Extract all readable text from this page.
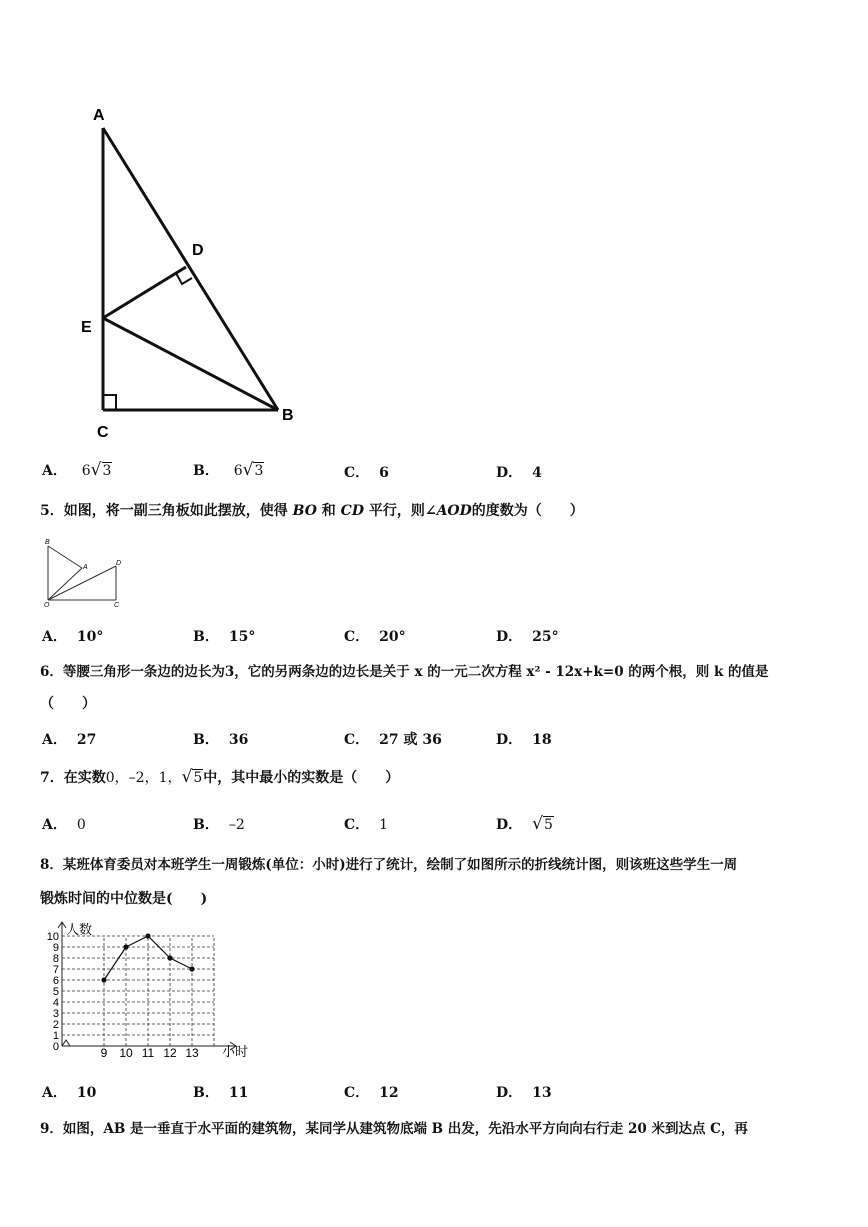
A
D
E
C
B
A． 6√3	B． 6√3	C． 6	D． 4
5．如图，将一副三角板如此摆放，使得 BO 和 CD 平行，则∠AOD的度数为（　　）
B
A
D
O	C
A． 10°	B． 15°	C． 20°	D． 25°
6．等腰三角形一条边的边长为3，它的另两条边的边长是关于 x 的一元二次方程 x² - 12x+k=0 的两个根，则 k 的值是
（　　）
A． 27	B． 36	C． 27 或 36	D． 18
7．在实数0，–2，1，√5中，其中最小的实数是（　　）
A． 0	B． –2	C． 1	D． √5
8．某班体育委员对本班学生一周锻炼(单位：小时)进行了统计，绘制了如图所示的折线统计图，则该班这些学生一周
锻炼时间的中位数是(　　)
0
1
2
3
4
5
6
7
8
9
10
9 10 11 12 13
人数
小时
A． 10	B． 11	C． 12	D． 13
9．如图，AB 是一垂直于水平面的建筑物，某同学从建筑物底端 B 出发，先沿水平方向向右行走 20 米到达点 C，再
